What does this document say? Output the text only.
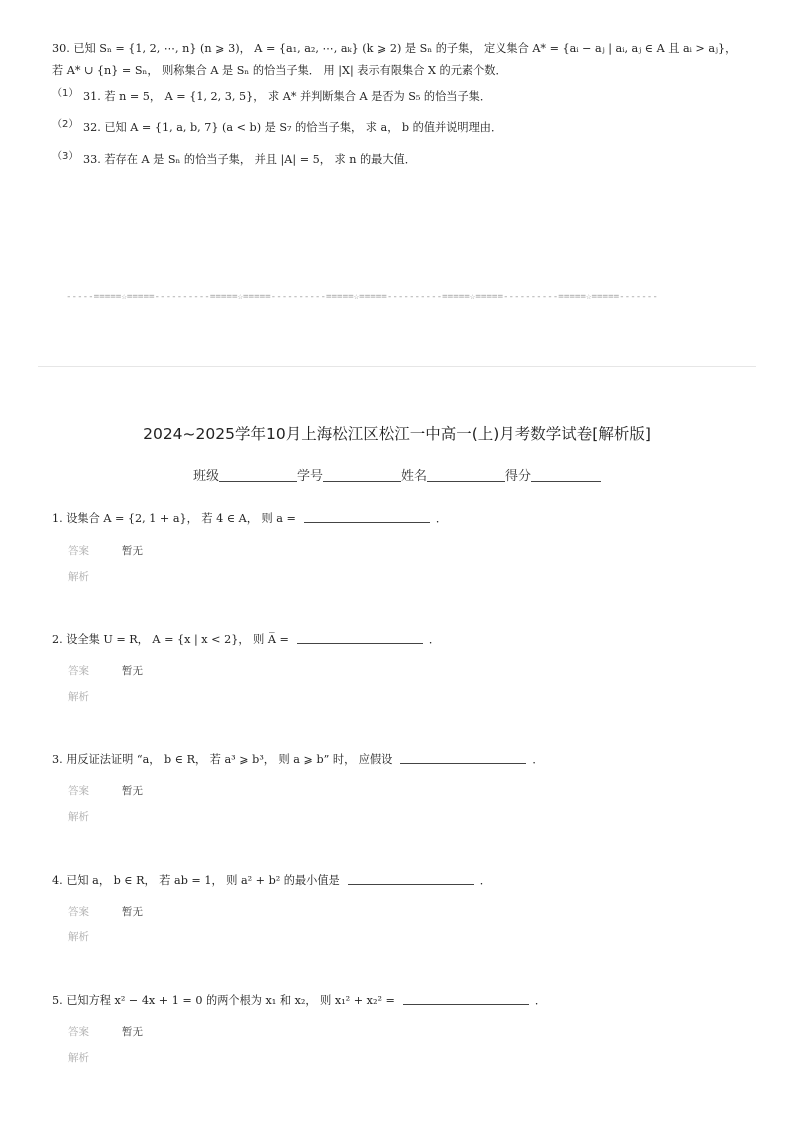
30. 已知 Sₙ = {1, 2, ⋯, n} (n ⩾ 3)， A = {a₁, a₂, ⋯, aₖ} (k ⩾ 2) 是 Sₙ 的子集， 定义集合 A* = {aᵢ − aⱼ | aᵢ, aⱼ ∈ A 且 aᵢ > aⱼ}，
若 A* ∪ {n} = Sₙ， 则称集合 A 是 Sₙ 的恰当子集． 用 |X| 表示有限集合 X 的元素个数．
（1） 31. 若 n = 5， A = {1, 2, 3, 5}， 求 A* 并判断集合 A 是否为 S₅ 的恰当子集．
（2） 32. 已知 A = {1, a, b, 7} (a < b) 是 S₇ 的恰当子集， 求 a， b 的值并说明理由．
（3） 33. 若存在 A 是 Sₙ 的恰当子集， 并且 |A| = 5， 求 n 的最大值．
-----=====☆=====----------=====☆=====----------=====☆=====----------=====☆=====----------=====☆=====-------
2024~2025学年10月上海松江区松江一中高一(上)月考数学试卷[解析版]
班级	学号	姓名	得分
1. 设集合 A = {2, 1 + a}， 若 4 ∈ A， 则 a =	．
答案	暂无
解析
2. 设全集 U = R， A = {x | x < 2}， 则 A̅ =	．
答案	暂无
解析
3. 用反证法证明 “a， b ∈ R， 若 a³ ⩾ b³， 则 a ⩾ b” 时， 应假设	．
答案	暂无
解析
4. 已知 a， b ∈ R， 若 ab = 1， 则 a² + b² 的最小值是	．
答案	暂无
解析
5. 已知方程 x² − 4x + 1 = 0 的两个根为 x₁ 和 x₂， 则 x₁² + x₂² =	．
答案	暂无
解析
